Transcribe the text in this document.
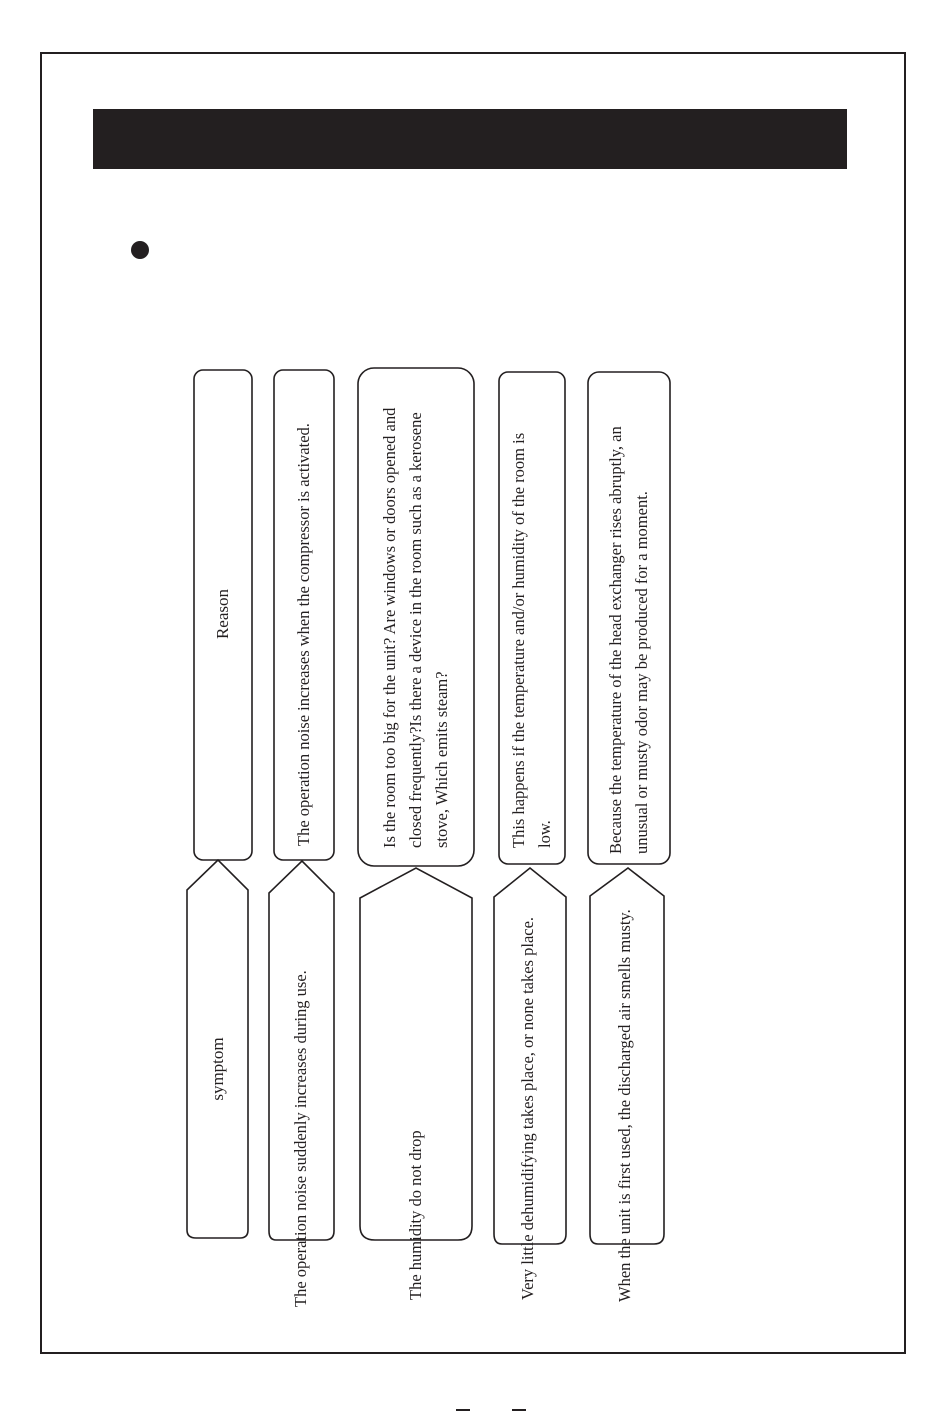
symptom
Reason
The operation noise suddenly increases during use.
The operation noise increases when the compressor is activated.
The humidity do not drop
Is the room too big for the unit? Are windows or doors opened and closed frequently?Is there a device in the room such as a kerosene stove, Which emits steam?
Very little dehumidifying takes place, or none takes place.
This happens if the temperature and/or humidity of the room is low.
When the unit is first used, the discharged air smells musty.
Because the temperature of the head exchanger rises abruptly, an unusual or musty odor may be produced for a moment.
